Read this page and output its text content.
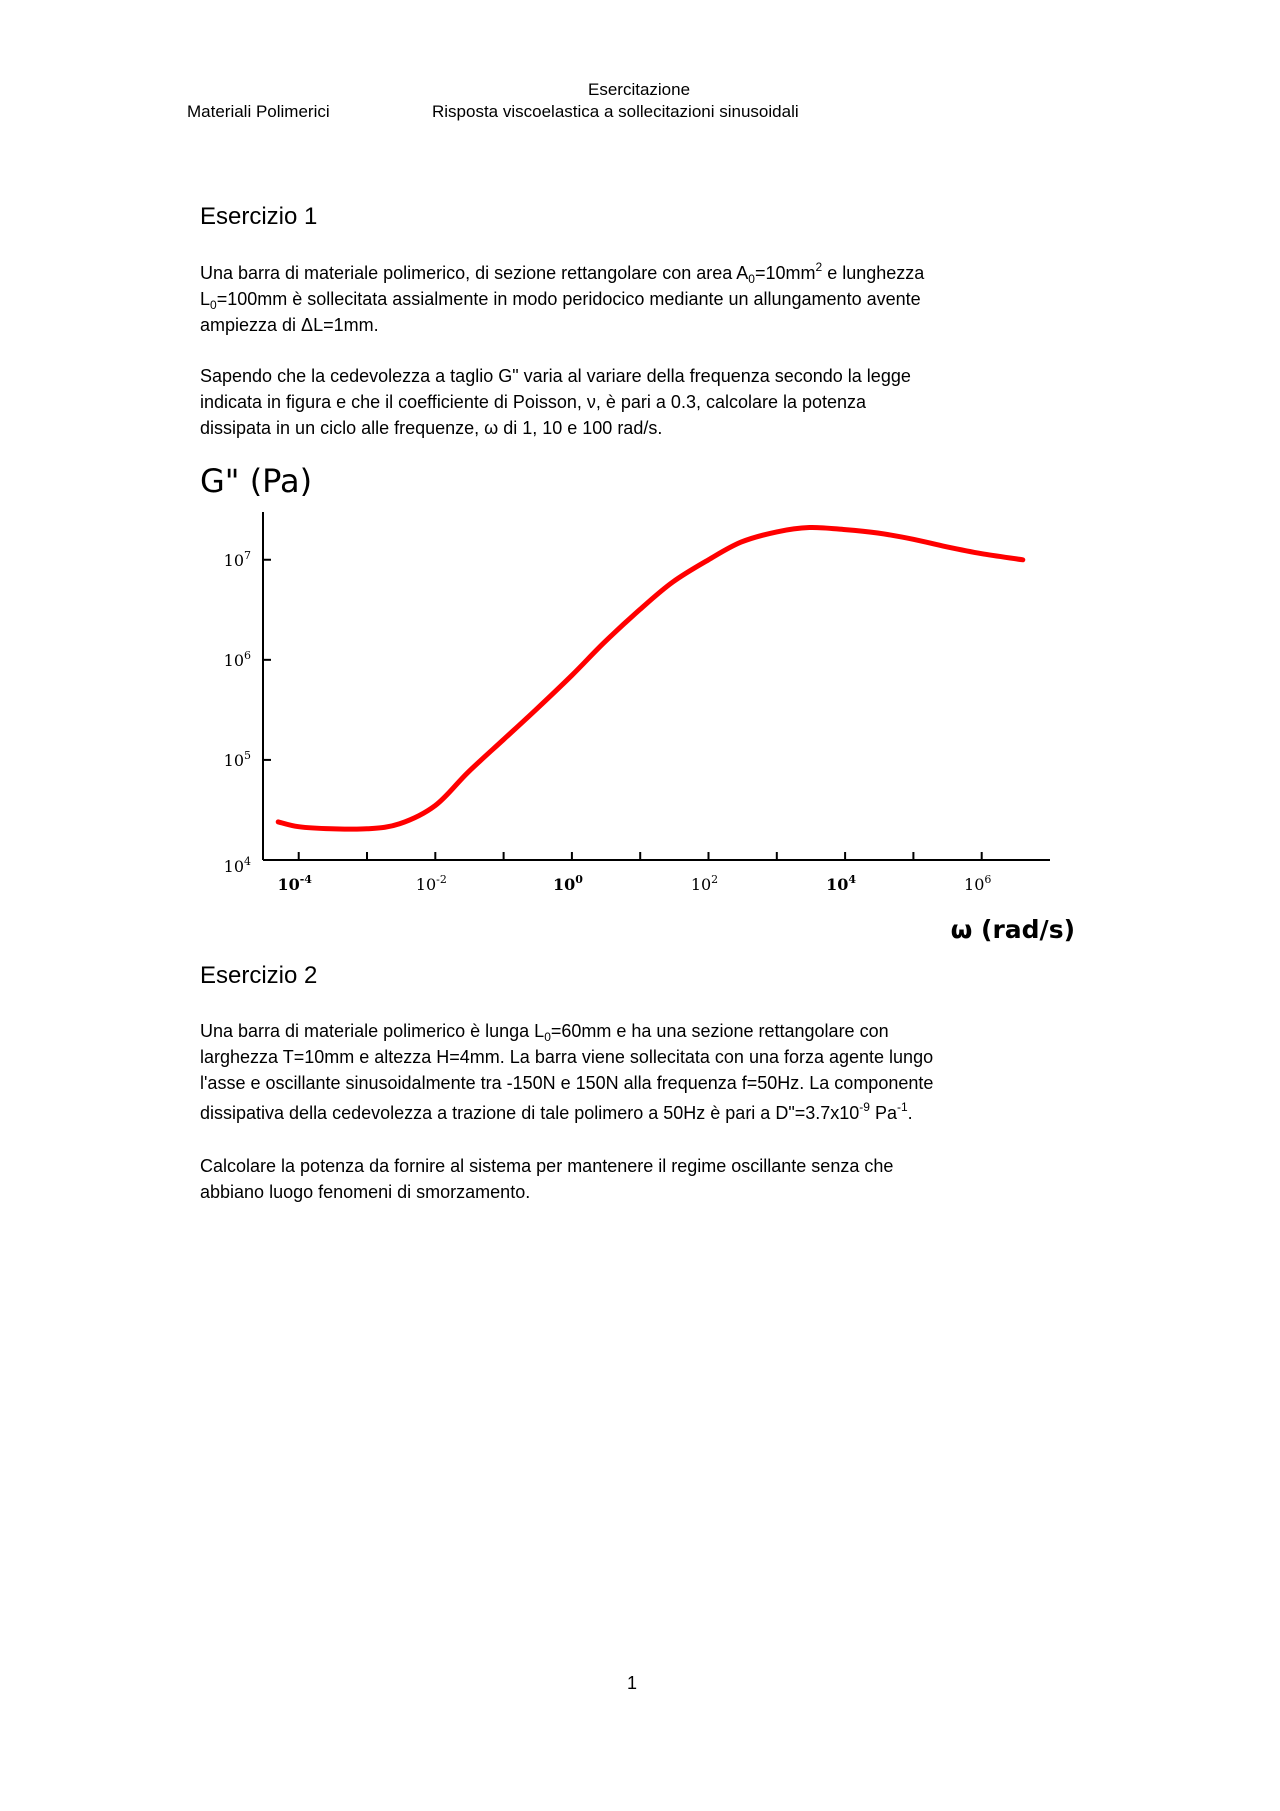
Esercitazione
Materiali Polimerici	Risposta viscoelastica a sollecitazioni sinusoidali
Esercizio 1
Una barra di materiale polimerico, di sezione rettangolare con area $A_0=10mm^2$ e lunghezza
$L_0=100mm$ è sollecitata assialmente in modo peridocico mediante un allungamento avente
ampiezza di ΔL=1mm.
Sapendo che la cedevolezza a taglio G" varia al variare della frequenza secondo la legge
indicata in figura e che il coefficiente di Poisson, ν, è pari a 0.3, calcolare la potenza
dissipata in un ciclo alle frequenze, ω di 1, 10 e 100 rad/s.
G" (Pa)
ω (rad/s)
$10^{-4}$	$10^{-2}$	$10^0$	$10^2$	$10^4$	$10^6$
$10^4$
$10^5$
$10^6$
$10^7$
Esercizio 2
Una barra di materiale polimerico è lunga $L_0=60mm$ e ha una sezione rettangolare con
larghezza T=10mm e altezza H=4mm. La barra viene sollecitata con una forza agente lungo
l'asse e oscillante sinusoidalmente tra -150N e 150N alla frequenza f=50Hz. La componente
dissipativa della cedevolezza a trazione di tale polimero a 50Hz è pari a $D"=3.7x10^{-9}$ $Pa^{-1}$.
Calcolare la potenza da fornire al sistema per mantenere il regime oscillante senza che
abbiano luogo fenomeni di smorzamento.
1
